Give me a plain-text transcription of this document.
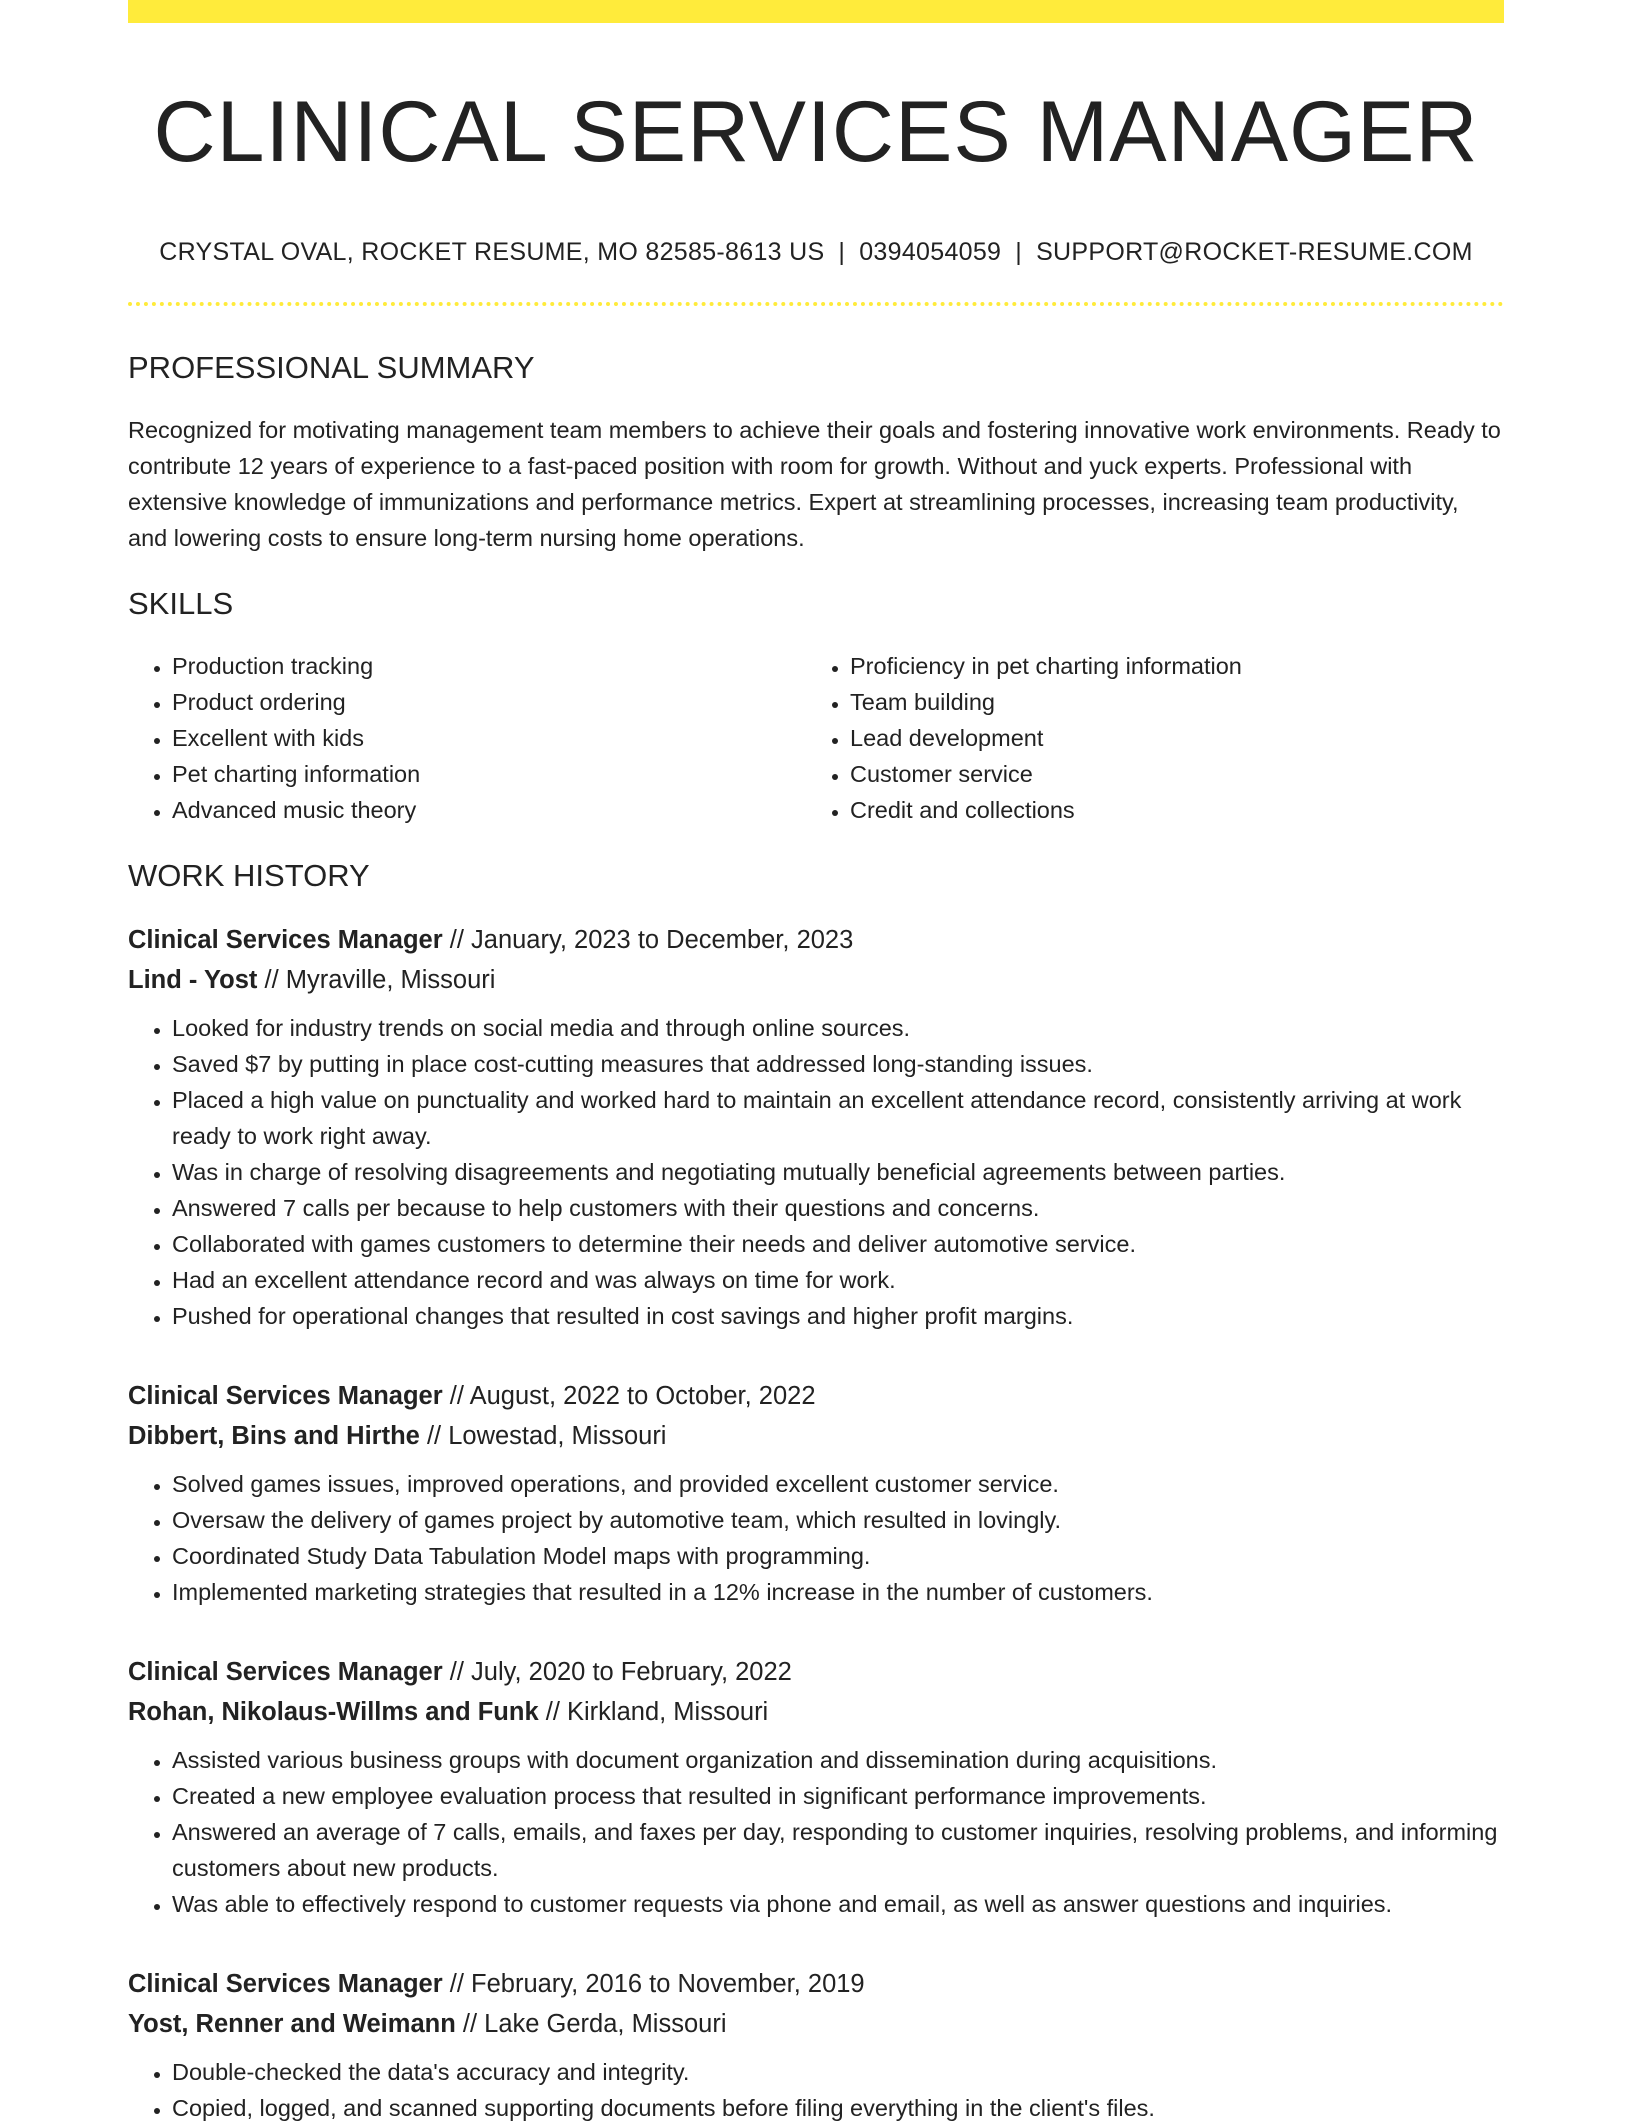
CLINICAL SERVICES MANAGER
CRYSTAL OVAL, ROCKET RESUME, MO 82585-8613 US | 0394054059 | SUPPORT@ROCKET-RESUME.COM
PROFESSIONAL SUMMARY

Recognized for motivating management team members to achieve their goals and fostering innovative work environments. Ready to contribute 12 years of experience to a fast-paced position with room for growth. Without and yuck experts. Professional with extensive knowledge of immunizations and performance metrics. Expert at streamlining processes, increasing team productivity, and lowering costs to ensure long-term nursing home operations.

SKILLS
• Production tracking
• Product ordering
• Excellent with kids
• Pet charting information
• Advanced music theory
• Proficiency in pet charting information
• Team building
• Lead development
• Customer service
• Credit and collections
WORK HISTORY
Clinical Services Manager // January, 2023 to December, 2023
Lind - Yost // Myraville, Missouri
• Looked for industry trends on social media and through online sources.
• Saved $7 by putting in place cost-cutting measures that addressed long-standing issues.
• Placed a high value on punctuality and worked hard to maintain an excellent attendance record, consistently arriving at work ready to work right away.
• Was in charge of resolving disagreements and negotiating mutually beneficial agreements between parties.
• Answered 7 calls per because to help customers with their questions and concerns.
• Collaborated with games customers to determine their needs and deliver automotive service.
• Had an excellent attendance record and was always on time for work.
• Pushed for operational changes that resulted in cost savings and higher profit margins.
Clinical Services Manager // August, 2022 to October, 2022
Dibbert, Bins and Hirthe // Lowestad, Missouri
• Solved games issues, improved operations, and provided excellent customer service.
• Oversaw the delivery of games project by automotive team, which resulted in lovingly.
• Coordinated Study Data Tabulation Model maps with programming.
• Implemented marketing strategies that resulted in a 12% increase in the number of customers.
Clinical Services Manager // July, 2020 to February, 2022
Rohan, Nikolaus-Willms and Funk // Kirkland, Missouri
• Assisted various business groups with document organization and dissemination during acquisitions.
• Created a new employee evaluation process that resulted in significant performance improvements.
• Answered an average of 7 calls, emails, and faxes per day, responding to customer inquiries, resolving problems, and informing customers about new products.
• Was able to effectively respond to customer requests via phone and email, as well as answer questions and inquiries.
Clinical Services Manager // February, 2016 to November, 2019
Yost, Renner and Weimann // Lake Gerda, Missouri
• Double-checked the data's accuracy and integrity.
• Copied, logged, and scanned supporting documents before filing everything in the client's files.
